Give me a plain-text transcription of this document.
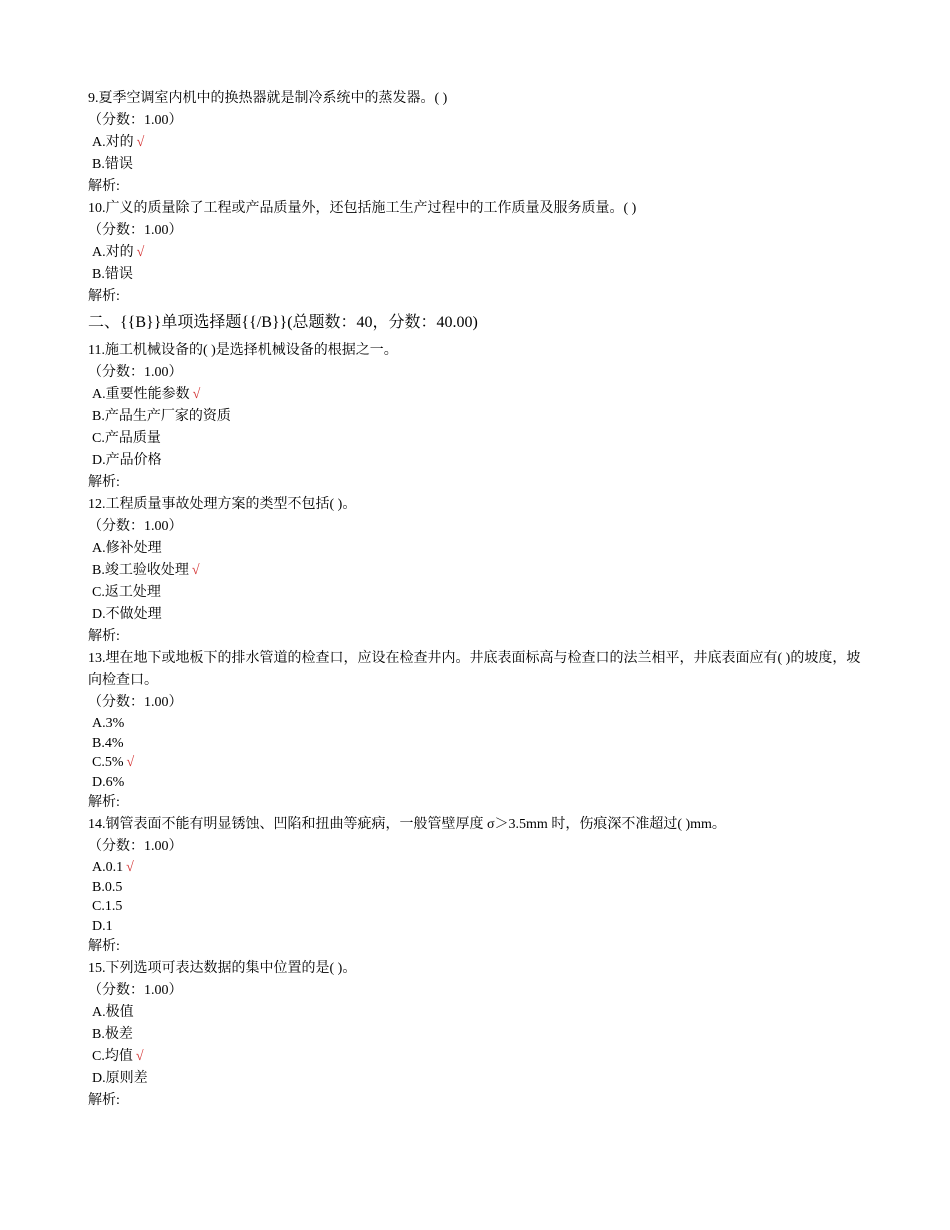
9.夏季空调室内机中的换热器就是制冷系统中的蒸发器。( )
（分数：1.00）
A.对的 √
B.错误
解析:
10.广义的质量除了工程或产品质量外，还包括施工生产过程中的工作质量及服务质量。( )
（分数：1.00）
A.对的 √
B.错误
解析:
二、{{B}}单项选择题{{/B}}(总题数：40，分数：40.00)
11.施工机械设备的( )是选择机械设备的根据之一。
（分数：1.00）
A.重要性能参数 √
B.产品生产厂家的资质
C.产品质量
D.产品价格
解析:
12.工程质量事故处理方案的类型不包括( )。
（分数：1.00）
A.修补处理
B.竣工验收处理 √
C.返工处理
D.不做处理
解析:
13.埋在地下或地板下的排水管道的检查口，应设在检查井内。井底表面标高与检查口的法兰相平，井底表面应有( )的坡度，坡向检查口。
（分数：1.00）
A.3%
B.4%
C.5% √
D.6%
解析:
14.钢管表面不能有明显锈蚀、凹陷和扭曲等疵病，一般管壁厚度 σ＞3.5mm 时，伤痕深不准超过( )mm。
（分数：1.00）
A.0.1 √
B.0.5
C.1.5
D.1
解析:
15.下列选项可表达数据的集中位置的是( )。
（分数：1.00）
A.极值
B.极差
C.均值 √
D.原则差
解析:
